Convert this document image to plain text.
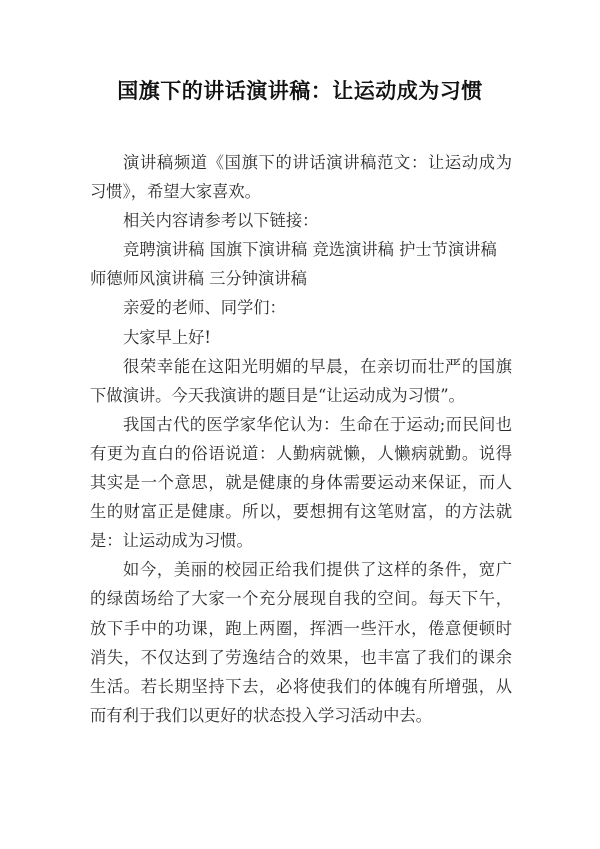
国旗下的讲话演讲稿：让运动成为习惯

演讲稿频道《国旗下的讲话演讲稿范文：让运动成为习惯》，希望大家喜欢。

相关内容请参考以下链接：

竞聘演讲稿 国旗下演讲稿 竞选演讲稿 护士节演讲稿 师德师风演讲稿 三分钟演讲稿

亲爱的老师、同学们：

大家早上好!

很荣幸能在这阳光明媚的早晨，在亲切而壮严的国旗下做演讲。今天我演讲的题目是“让运动成为习惯”。

我国古代的医学家华佗认为：生命在于运动;而民间也有更为直白的俗语说道：人勤病就懒，人懒病就勤。说得其实是一个意思，就是健康的身体需要运动来保证，而人生的财富正是健康。所以，要想拥有这笔财富，的方法就是：让运动成为习惯。

如今，美丽的校园正给我们提供了这样的条件，宽广的绿茵场给了大家一个充分展现自我的空间。每天下午，放下手中的功课，跑上两圈，挥洒一些汗水，倦意便顿时消失，不仅达到了劳逸结合的效果，也丰富了我们的课余生活。若长期坚持下去，必将使我们的体魄有所增强，从而有利于我们以更好的状态投入学习活动中去。
